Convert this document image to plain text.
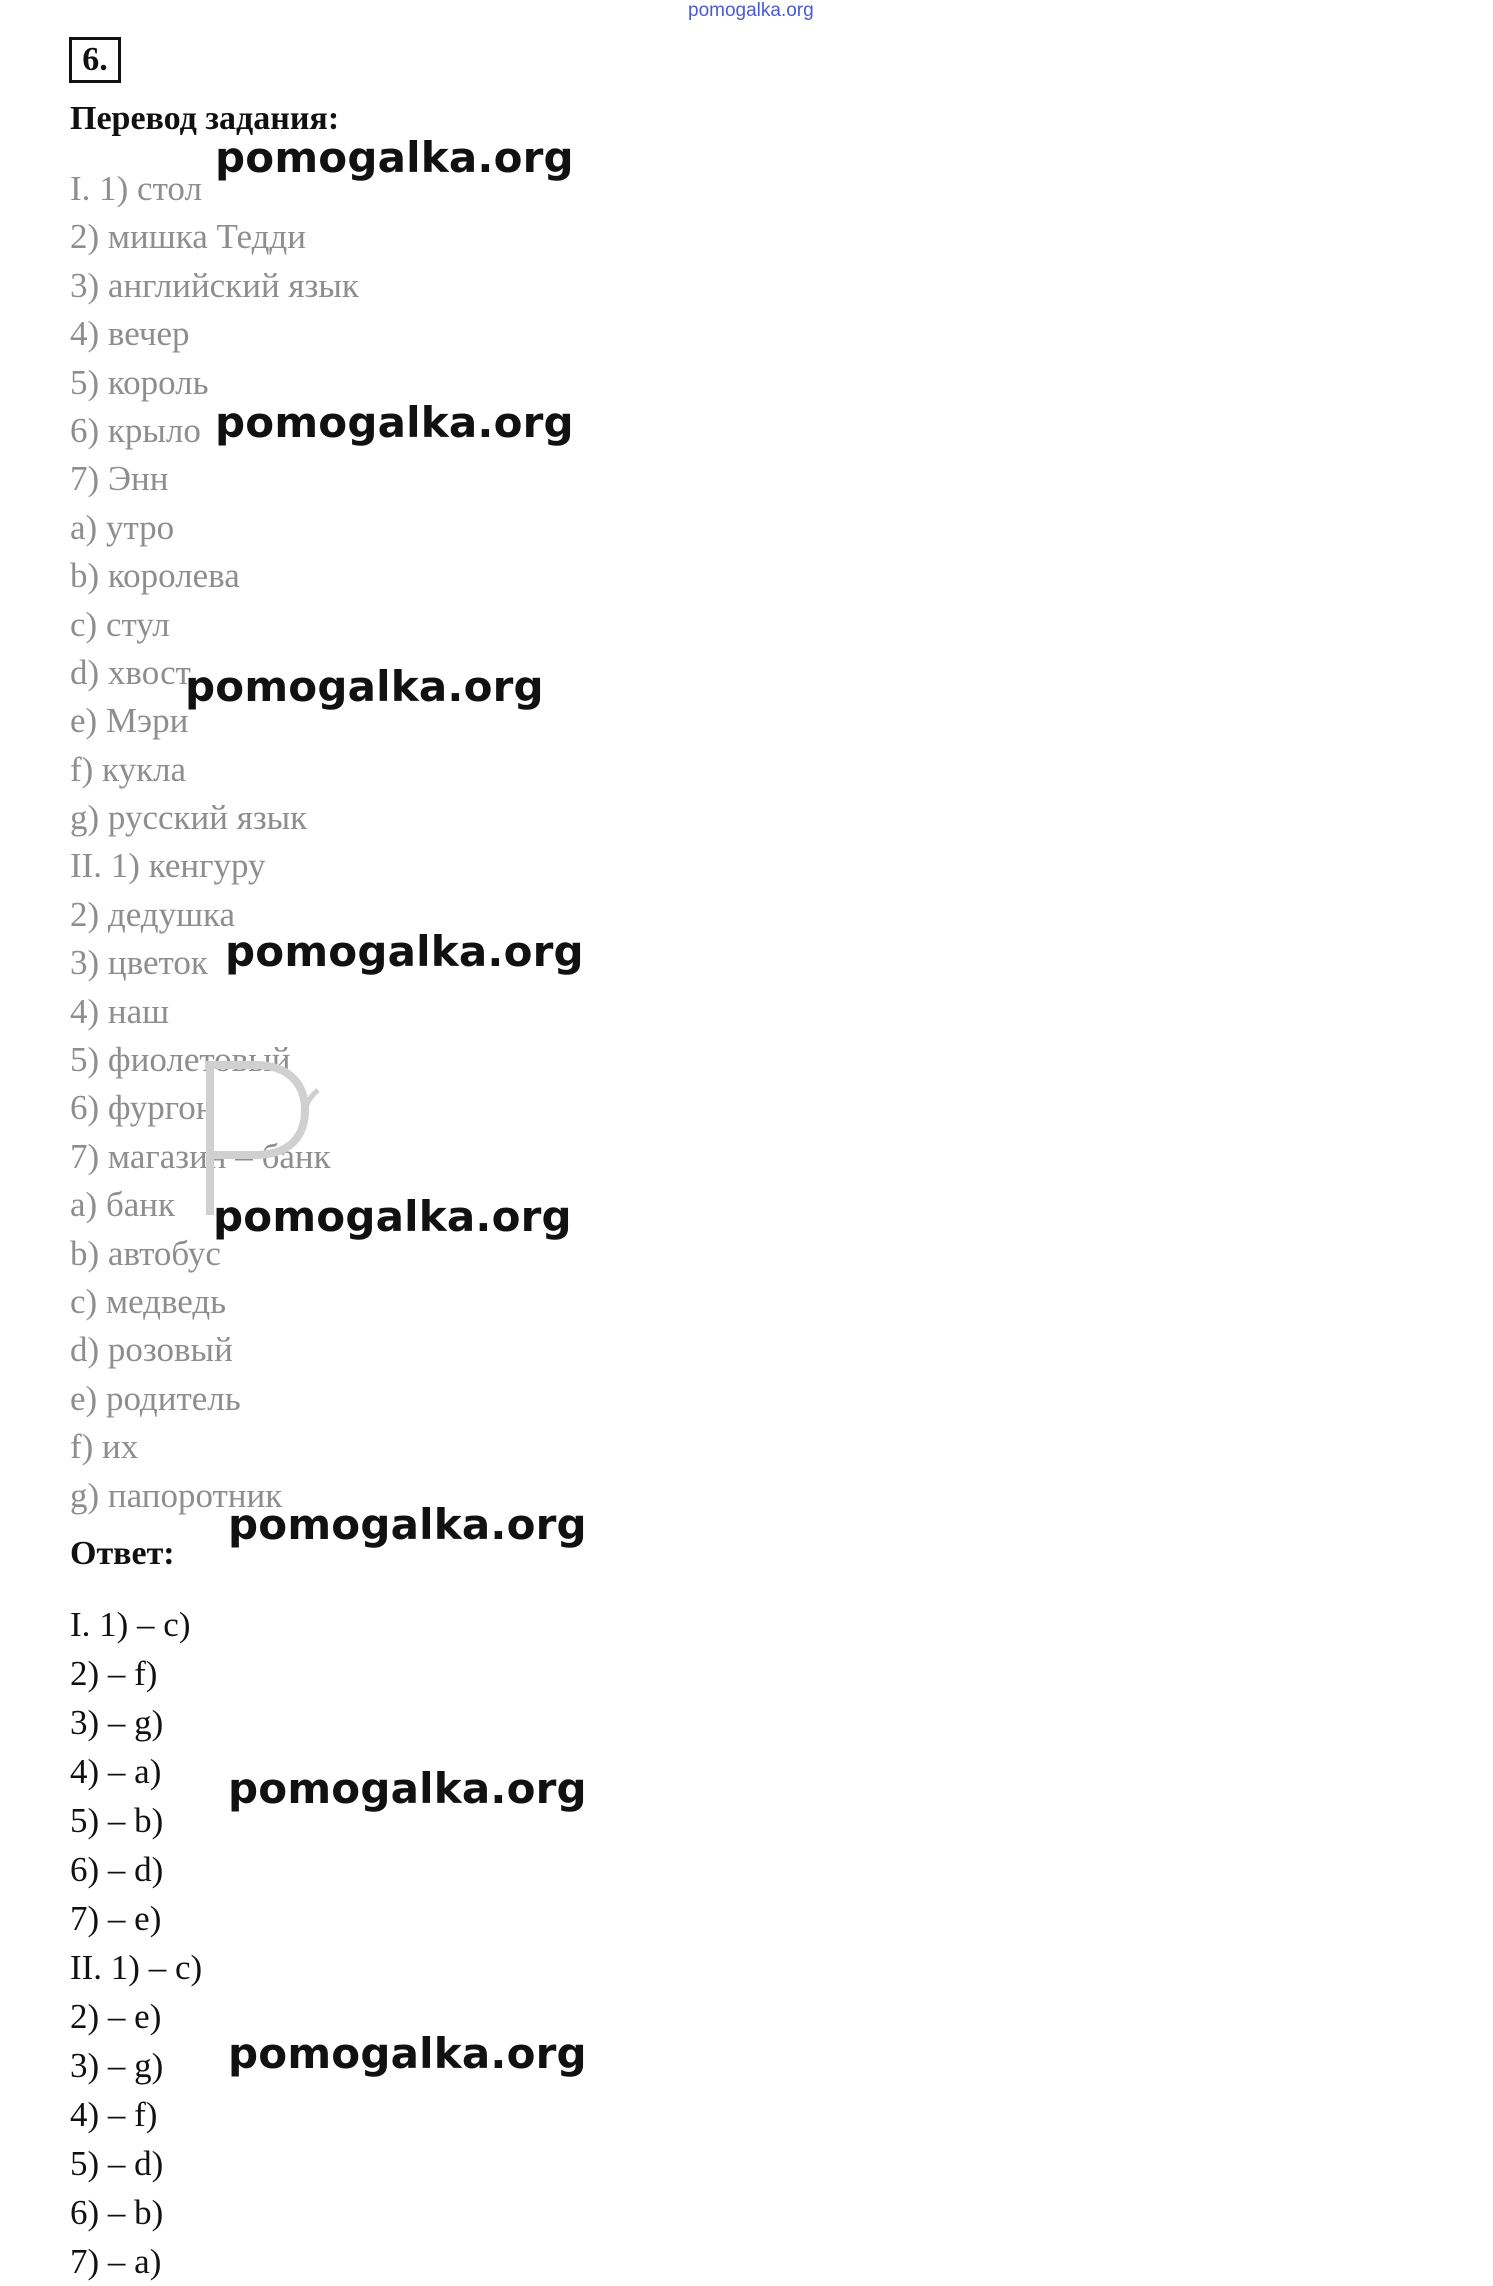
pomogalka.org
6.
Перевод задания:
I. 1) стол
2) мишка Тедди
3) английский язык
4) вечер
5) король
6) крыло
7) Энн
a) утро
b) королева
c) стул
d) хвост
e) Мэри
f) кукла
g) русский язык
II. 1) кенгуру
2) дедушка
3) цветок
4) наш
5) фиолетовый
6) фургон
7) магазин – банк
a) банк
b) автобус
c) медведь
d) розовый
e) родитель
f) их
g) папоротник
Ответ:
I. 1) – c)
2) – f)
3) – g)
4) – a)
5) – b)
6) – d)
7) – e)
II. 1) – c)
2) – e)
3) – g)
4) – f)
5) – d)
6) – b)
7) – a)
pomogalka.org
pomogalka.org
pomogalka.org
pomogalka.org
pomogalka.org
pomogalka.org
pomogalka.org
pomogalka.org
